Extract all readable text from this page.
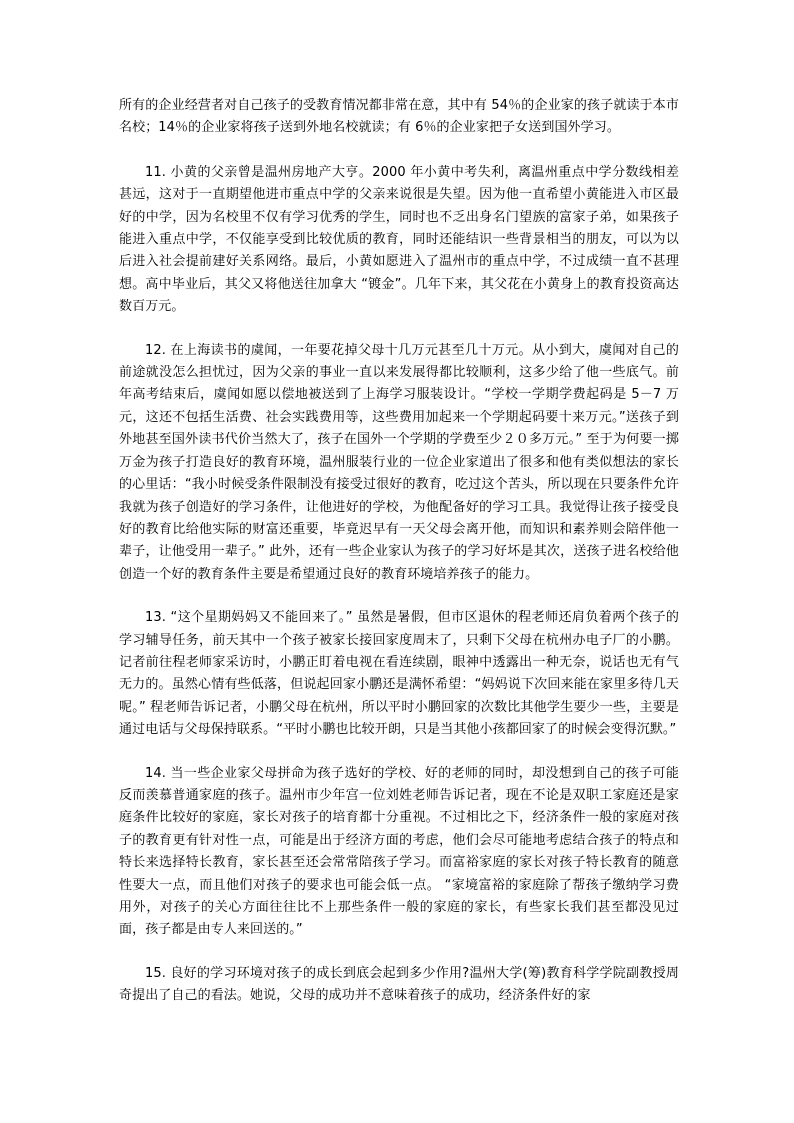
所有的企业经营者对自己孩子的受教育情况都非常在意，其中有 54％的企业家的孩子就读于本市名校；14％的企业家将孩子送到外地名校就读；有 6％的企业家把子女送到国外学习。

11. 小黄的父亲曾是温州房地产大亨。2000 年小黄中考失利，离温州重点中学分数线相差甚远，这对于一直期望他进市重点中学的父亲来说很是失望。因为他一直希望小黄能进入市区最好的中学，因为名校里不仅有学习优秀的学生，同时也不乏出身名门望族的富家子弟，如果孩子能进入重点中学，不仅能享受到比较优质的教育，同时还能结识一些背景相当的朋友，可以为以后进入社会提前建好关系网络。最后，小黄如愿进入了温州市的重点中学，不过成绩一直不甚理想。高中毕业后，其父又将他送往加拿大 “镀金”。几年下来，其父花在小黄身上的教育投资高达数百万元。

12. 在上海读书的虞闻，一年要花掉父母十几万元甚至几十万元。从小到大，虞闻对自己的前途就没怎么担忧过，因为父亲的事业一直以来发展得都比较顺利，这多少给了他一些底气。前年高考结束后，虞闻如愿以偿地被送到了上海学习服装设计。“学校一学期学费起码是 5－7 万元，这还不包括生活费、社会实践费用等，这些费用加起来一个学期起码要十来万元。”送孩子到外地甚至国外读书代价当然大了，孩子在国外一个学期的学费至少２０多万元。” 至于为何要一掷万金为孩子打造良好的教育环境，温州服装行业的一位企业家道出了很多和他有类似想法的家长的心里话：“我小时候受条件限制没有接受过很好的教育，吃过这个苦头，所以现在只要条件允许我就为孩子创造好的学习条件，让他进好的学校，为他配备好的学习工具。我觉得让孩子接受良好的教育比给他实际的财富还重要，毕竟迟早有一天父母会离开他，而知识和素养则会陪伴他一辈子，让他受用一辈子。” 此外，还有一些企业家认为孩子的学习好坏是其次，送孩子进名校给他创造一个好的教育条件主要是希望通过良好的教育环境培养孩子的能力。

13. “这个星期妈妈又不能回来了。” 虽然是暑假，但市区退休的程老师还肩负着两个孩子的学习辅导任务，前天其中一个孩子被家长接回家度周末了，只剩下父母在杭州办电子厂的小鹏。记者前往程老师家采访时，小鹏正盯着电视在看连续剧，眼神中透露出一种无奈，说话也无有气无力的。虽然心情有些低落，但说起回家小鹏还是满怀希望：“妈妈说下次回来能在家里多待几天呢。” 程老师告诉记者，小鹏父母在杭州，所以平时小鹏回家的次数比其他学生要少一些，主要是通过电话与父母保持联系。“平时小鹏也比较开朗，只是当其他小孩都回家了的时候会变得沉默。”

14. 当一些企业家父母拼命为孩子选好的学校、好的老师的同时，却没想到自己的孩子可能反而羡慕普通家庭的孩子。温州市少年宫一位刘姓老师告诉记者，现在不论是双职工家庭还是家庭条件比较好的家庭，家长对孩子的培育都十分重视。不过相比之下，经济条件一般的家庭对孩子的教育更有针对性一点，可能是出于经济方面的考虑，他们会尽可能地考虑结合孩子的特点和特长来选择特长教育，家长甚至还会常常陪孩子学习。而富裕家庭的家长对孩子特长教育的随意性要大一点，而且他们对孩子的要求也可能会低一点。 “家境富裕的家庭除了帮孩子缴纳学习费用外，对孩子的关心方面往往比不上那些条件一般的家庭的家长，有些家长我们甚至都没见过面，孩子都是由专人来回送的。”

15. 良好的学习环境对孩子的成长到底会起到多少作用?温州大学(筹)教育科学学院副教授周奇提出了自己的看法。她说，父母的成功并不意味着孩子的成功，经济条件好的家
